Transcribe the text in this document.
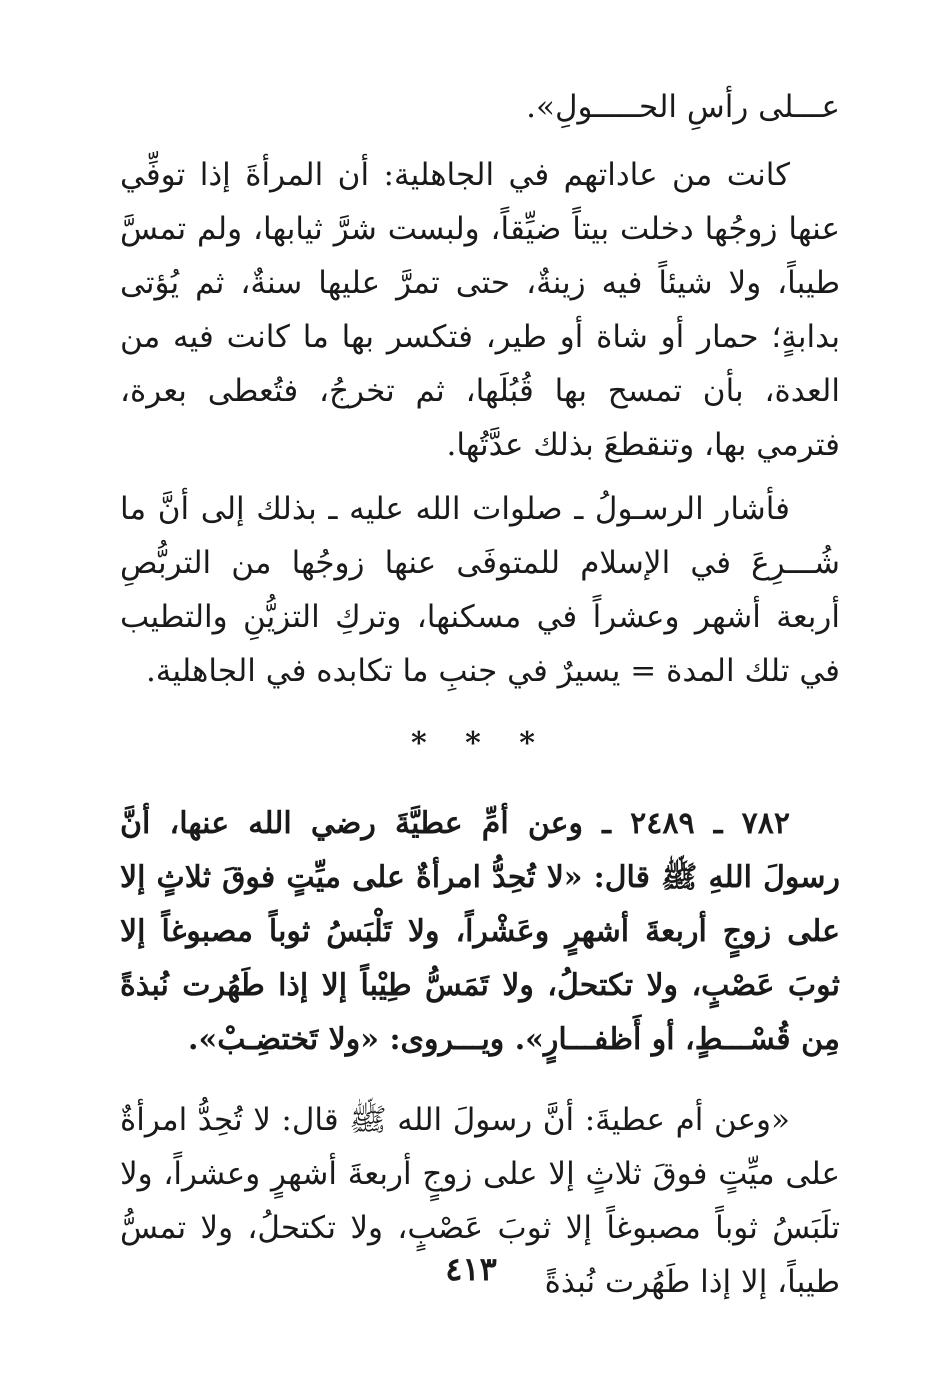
عـــلى رأسِ الحـــــولِ».

كانت من عاداتهم في الجاهلية: أن المرأةَ إذا توفِّي عنها زوجُها دخلت بيتاً ضيِّقاً، ولبست شرَّ ثيابها، ولم تمسَّ طيباً، ولا شيئاً فيه زينةٌ، حتى تمرَّ عليها سنةٌ، ثم يُؤتى بدابةٍ؛ حمار أو شاة أو طير، فتكسر بها ما كانت فيه من العدة، بأن تمسح بها قُبُلَها، ثم تخرجُ، فتُعطى بعرة، فترمي بها، وتنقطعَ بذلك عدَّتُها.

فأشار الرسـولُ ـ صلوات الله عليه ـ بذلك إلى أنَّ ما شُـــرِعَ في الإسلام للمتوفَى عنها زوجُها من التربُّصِ أربعة أشهر وعشراً في مسكنها، وتركِ التزيُّنِ والتطيب في تلك المدة = يسيرٌ في جنبِ ما تكابده في الجاهلية.

* * *

٧٨٢ ـ ٢٤٨٩ ـ وعن أمِّ عطيَّةَ رضي الله عنها، أنَّ رسولَ اللهِ ﷺ قال: «لا تُحِدُّ امرأةٌ على ميِّتٍ فوقَ ثلاثٍ إلا على زوجٍ أربعةَ أشهرٍ وعَشْراً، ولا تَلْبَسُ ثوباً مصبوغاً إلا ثوبَ عَصْبٍ، ولا تكتحلُ، ولا تَمَسُّ طِيْباً إلا إذا طَهُرت نُبذةً مِن قُسْـــطٍ، أو أَظفـــارٍ». ويـــروى: «ولا تَختضِـبْ».

«وعن أم عطيةَ: أنَّ رسولَ الله ﷺ قال: لا تُحِدُّ امرأةٌ على ميِّتٍ فوقَ ثلاثٍ إلا على زوجٍ أربعةَ أشهرٍ وعشراً، ولا تلَبَسُ ثوباً مصبوغاً إلا ثوبَ عَصْبٍ، ولا تكتحلُ، ولا تمسُّ طيباً، إلا إذا طَهُرت نُبذةً

٤١٣
